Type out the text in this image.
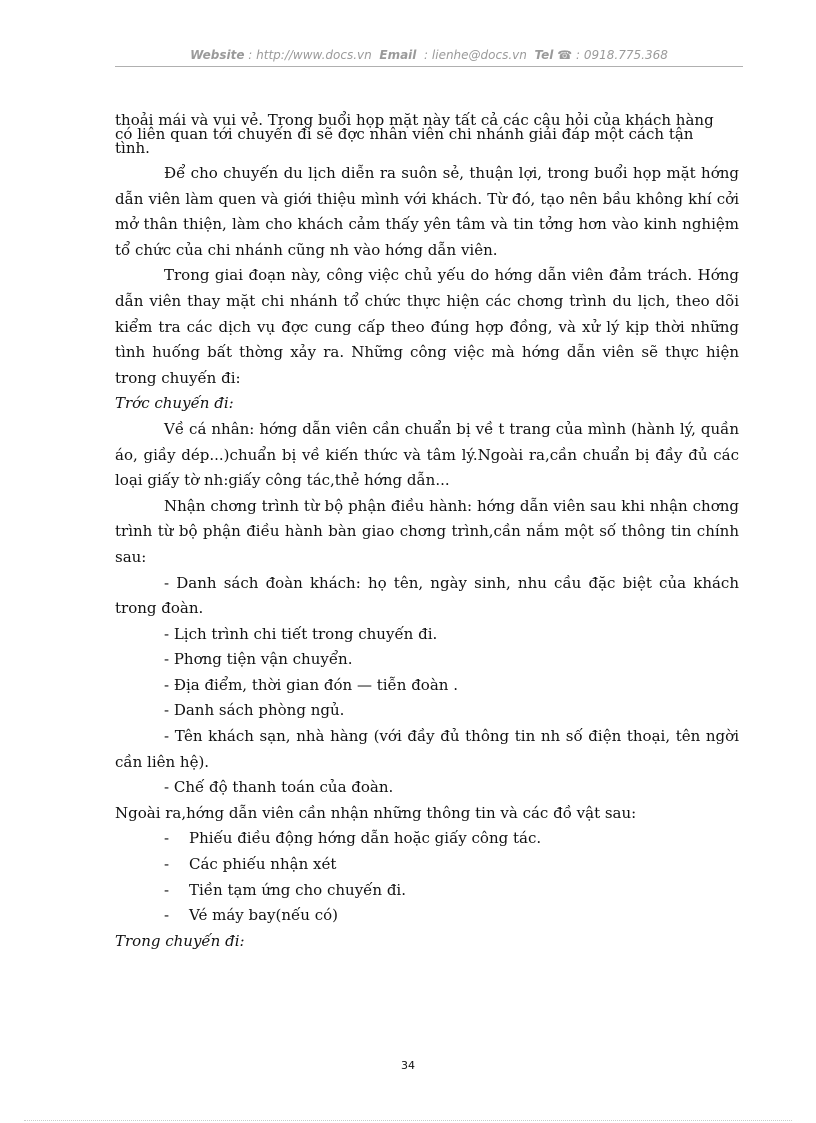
Website : http://www.docs.vn Email : lienhe@docs.vn Tel ☎ : 0918.775.368

thoải mái và vui vẻ. Trong buổi họp mặt này tất cả các câu hỏi của khách hàng

có liên quan tới chuyến đi sẽ đợc nhân viên chi nhánh giải đáp một cách tận

tình.

Để cho chuyến du lịch diễn ra suôn sẻ, thuận lợi, trong buổi họp mặt hớng dẫn viên làm quen và giới thiệu mình với khách. Từ đó, tạo nên bầu không khí cởi mở thân thiện, làm cho khách cảm thấy yên tâm và tin tởng hơn vào kinh nghiệm tổ chức của chi nhánh cũng nh vào hớng dẫn viên.

Trong giai đoạn này, công việc chủ yếu do hớng dẫn viên đảm trách. Hớng dẫn viên thay mặt chi nhánh tổ chức thực hiện các chơng trình du lịch, theo dõi kiểm tra các dịch vụ đợc cung cấp theo đúng hợp đồng, và xử lý kịp thời những tình huống bất thờng xảy ra. Những công việc mà hớng dẫn viên sẽ thực hiện trong chuyến đi:

Trớc chuyến đi:

Về cá nhân: hớng dẫn viên cần chuẩn bị về t trang của mình (hành lý, quần áo, giầy dép...)chuẩn bị về kiến thức và tâm lý.Ngoài ra,cần chuẩn bị đầy đủ các loại giấy tờ nh:giấy công tác,thẻ hớng dẫn...

Nhận chơng trình từ bộ phận điều hành: hớng dẫn viên sau khi nhận chơng trình từ bộ phận điều hành bàn giao chơng trình,cần nắm một số thông tin chính sau:

- Danh sách đoàn khách: họ tên, ngày sinh, nhu cầu đặc biệt của khách trong đoàn.

- Lịch trình chi tiết trong chuyến đi.

- Phơng tiện vận chuyển.

- Địa điểm, thời gian đón — tiễn đoàn .

- Danh sách phòng ngủ.

- Tên khách sạn, nhà hàng (với đầy đủ thông tin nh số điện thoại, tên ngời cần liên hệ).

- Chế độ thanh toán của đoàn.

Ngoài ra,hớng dẫn viên cần nhận những thông tin và các đồ vật sau:

- Phiếu điều động hớng dẫn hoặc giấy công tác.

- Các phiếu nhận xét

- Tiền tạm ứng cho chuyến đi.

- Vé máy bay(nếu có)

Trong chuyến đi:

34
